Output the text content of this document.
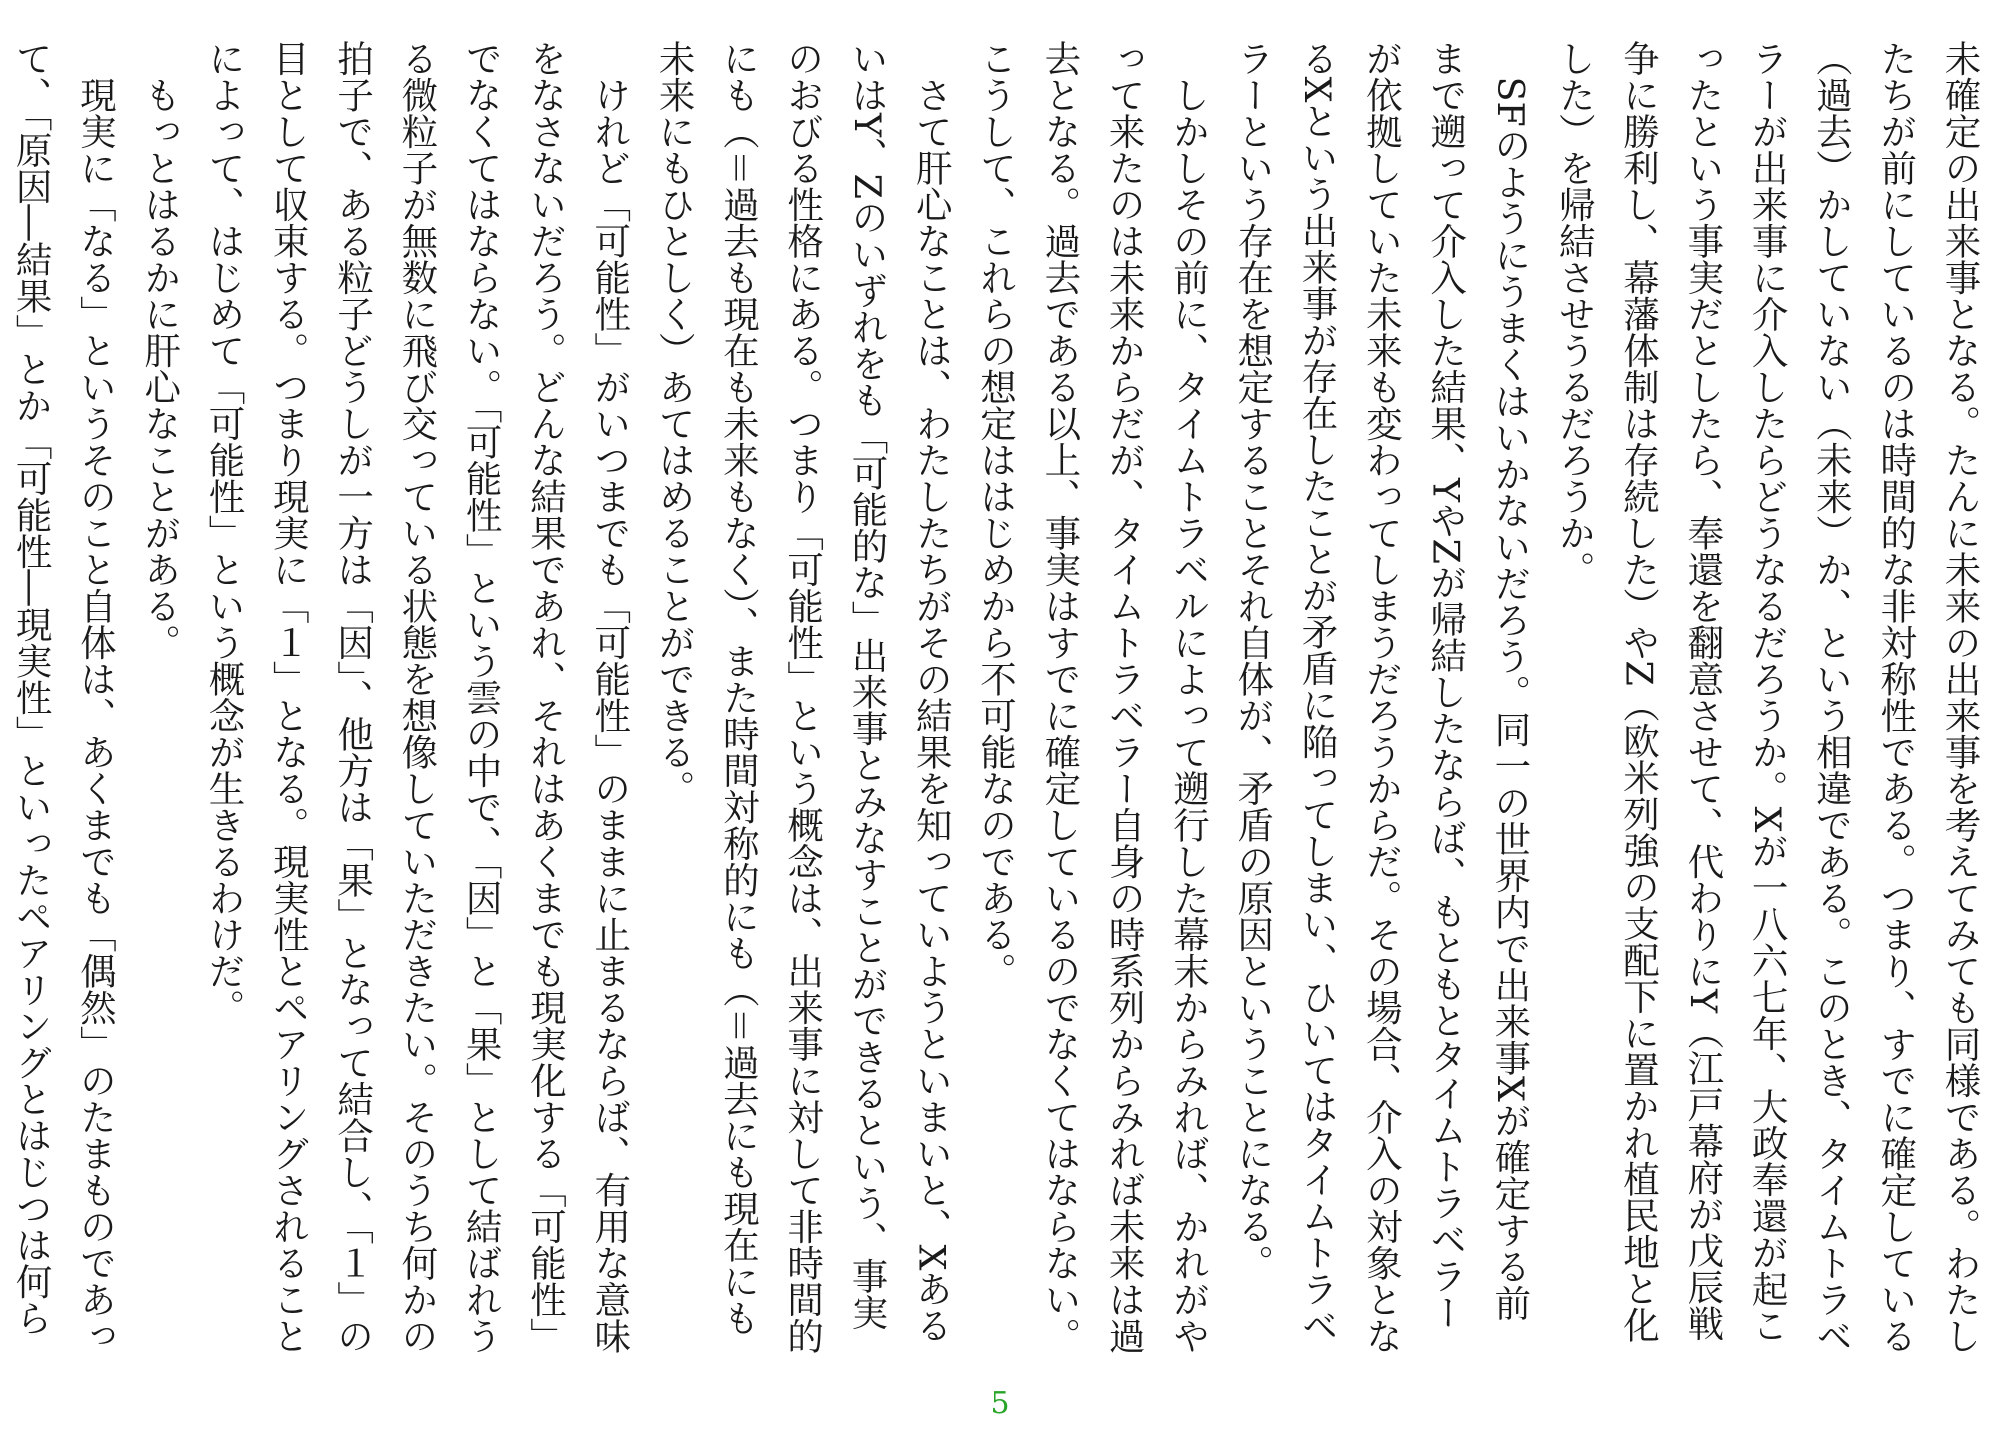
未確定の出来事となる。たんに未来の出来事を考えてみても同様である。わたし
たちが前にしているのは時間的な非対称性である。つまり、すでに確定している
（過去）かしていない（未来）か、という相違である。このとき、タイムトラベ
ラーが出来事に介入したらどうなるだろうか。Xが一八六七年、大政奉還が起こ
ったという事実だとしたら、奉還を翻意させて、代わりにY（江戸幕府が戊辰戦
争に勝利し、幕藩体制は存続した）やZ（欧米列強の支配下に置かれ植民地と化
した）を帰結させうるだろうか。
　SFのようにうまくはいかないだろう。同一の世界内で出来事Xが確定する前
まで遡って介入した結果、YやZが帰結したならば、もともとタイムトラベラー
が依拠していた未来も変わってしまうだろうからだ。その場合、介入の対象とな
るXという出来事が存在したことが矛盾に陥ってしまい、ひいてはタイムトラベ
ラーという存在を想定することそれ自体が、矛盾の原因ということになる。
　しかしその前に、タイムトラベルによって遡行した幕末からみれば、かれがや
って来たのは未来からだが、タイムトラベラー自身の時系列からみれば未来は過
去となる。過去である以上、事実はすでに確定しているのでなくてはならない。
こうして、これらの想定ははじめから不可能なのである。
　さて肝心なことは、わたしたちがその結果を知っていようといまいと、Xある
いはY、Zのいずれをも「可能的な」出来事とみなすことができるという、事実
のおびる性格にある。つまり「可能性」という概念は、出来事に対して非時間的
にも（＝過去も現在も未来もなく）、また時間対称的にも（＝過去にも現在にも
未来にもひとしく）あてはめることができる。
　けれど「可能性」がいつまでも「可能性」のままに止まるならば、有用な意味
をなさないだろう。どんな結果であれ、それはあくまでも現実化する「可能性」
でなくてはならない。「可能性」という雲の中で、「因」と「果」として結ばれう
る微粒子が無数に飛び交っている状態を想像していただきたい。そのうち何かの
拍子で、ある粒子どうしが一方は「因」、他方は「果」となって結合し、「１」の
目として収束する。つまり現実に「１」となる。現実性とペアリングされること
によって、はじめて「可能性」という概念が生きるわけだ。
　もっとはるかに肝心なことがある。
　現実に「なる」というそのこと自体は、あくまでも「偶然」のたまものであっ
て、「原因―結果」とか「可能性―現実性」といったペアリングとはじつは何ら
5
